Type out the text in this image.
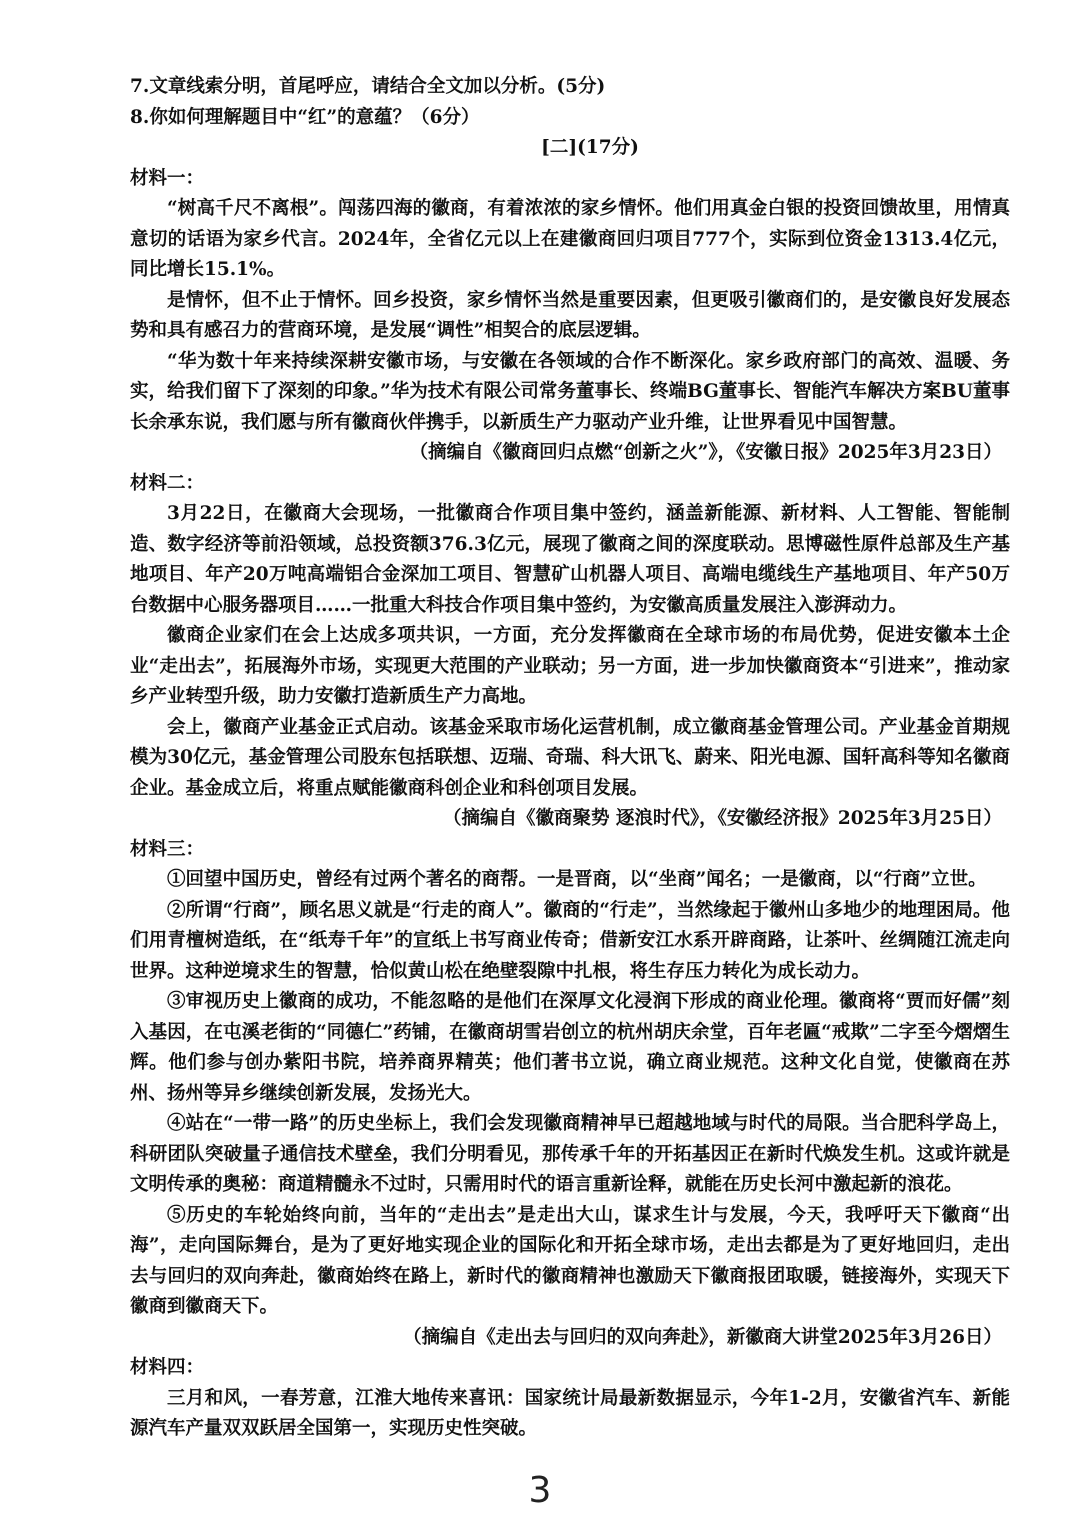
7.文章线索分明，首尾呼应，请结合全文加以分析。(5分)

8.你如何理解题目中“红”的意蕴？（6分）

[二](17分)

材料一：

“树高千尺不离根”。闯荡四海的徽商，有着浓浓的家乡情怀。他们用真金白银的投资回馈故里，用情真意切的话语为家乡代言。2024年，全省亿元以上在建徽商回归项目777个，实际到位资金1313.4亿元，同比增长15.1%。

是情怀，但不止于情怀。回乡投资，家乡情怀当然是重要因素，但更吸引徽商们的，是安徽良好发展态势和具有感召力的营商环境，是发展“调性”相契合的底层逻辑。

“华为数十年来持续深耕安徽市场，与安徽在各领域的合作不断深化。家乡政府部门的高效、温暖、务实，给我们留下了深刻的印象。”华为技术有限公司常务董事长、终端BG董事长、智能汽车解决方案BU董事长余承东说，我们愿与所有徽商伙伴携手，以新质生产力驱动产业升维，让世界看见中国智慧。

（摘编自《徽商回归点燃“创新之火”》，《安徽日报》2025年3月23日）

材料二：

3月22日，在徽商大会现场，一批徽商合作项目集中签约，涵盖新能源、新材料、人工智能、智能制造、数字经济等前沿领域，总投资额376.3亿元，展现了徽商之间的深度联动。思博磁性原件总部及生产基地项目、年产20万吨高端铝合金深加工项目、智慧矿山机器人项目、高端电缆线生产基地项目、年产50万台数据中心服务器项目……一批重大科技合作项目集中签约，为安徽高质量发展注入澎湃动力。

徽商企业家们在会上达成多项共识，一方面，充分发挥徽商在全球市场的布局优势，促进安徽本土企业“走出去”，拓展海外市场，实现更大范围的产业联动；另一方面，进一步加快徽商资本“引进来”，推动家乡产业转型升级，助力安徽打造新质生产力高地。

会上，徽商产业基金正式启动。该基金采取市场化运营机制，成立徽商基金管理公司。产业基金首期规模为30亿元，基金管理公司股东包括联想、迈瑞、奇瑞、科大讯飞、蔚来、阳光电源、国轩高科等知名徽商企业。基金成立后，将重点赋能徽商科创企业和科创项目发展。

（摘编自《徽商聚势 逐浪时代》，《安徽经济报》2025年3月25日）

材料三：

①回望中国历史，曾经有过两个著名的商帮。一是晋商，以“坐商”闻名；一是徽商，以“行商”立世。

②所谓“行商”，顾名思义就是“行走的商人”。徽商的“行走”，当然缘起于徽州山多地少的地理困局。他们用青檀树造纸，在“纸寿千年”的宣纸上书写商业传奇；借新安江水系开辟商路，让茶叶、丝绸随江流走向世界。这种逆境求生的智慧，恰似黄山松在绝壁裂隙中扎根，将生存压力转化为成长动力。

③审视历史上徽商的成功，不能忽略的是他们在深厚文化浸润下形成的商业伦理。徽商将“贾而好儒”刻入基因，在屯溪老街的“同德仁”药铺，在徽商胡雪岩创立的杭州胡庆余堂，百年老匾“戒欺”二字至今熠熠生辉。他们参与创办紫阳书院，培养商界精英；他们著书立说，确立商业规范。这种文化自觉，使徽商在苏州、扬州等异乡继续创新发展，发扬光大。

④站在“一带一路”的历史坐标上，我们会发现徽商精神早已超越地域与时代的局限。当合肥科学岛上，科研团队突破量子通信技术壁垒，我们分明看见，那传承千年的开拓基因正在新时代焕发生机。这或许就是文明传承的奥秘：商道精髓永不过时，只需用时代的语言重新诠释，就能在历史长河中激起新的浪花。

⑤历史的车轮始终向前，当年的“走出去”是走出大山，谋求生计与发展，今天，我呼吁天下徽商“出海”，走向国际舞台，是为了更好地实现企业的国际化和开拓全球市场，走出去都是为了更好地回归，走出去与回归的双向奔赴，徽商始终在路上，新时代的徽商精神也激励天下徽商报团取暖，链接海外，实现天下徽商到徽商天下。

（摘编自《走出去与回归的双向奔赴》，新徽商大讲堂2025年3月26日）

材料四：

三月和风，一春芳意，江淮大地传来喜讯：国家统计局最新数据显示，今年1-2月，安徽省汽车、新能源汽车产量双双跃居全国第一，实现历史性突破。

3
